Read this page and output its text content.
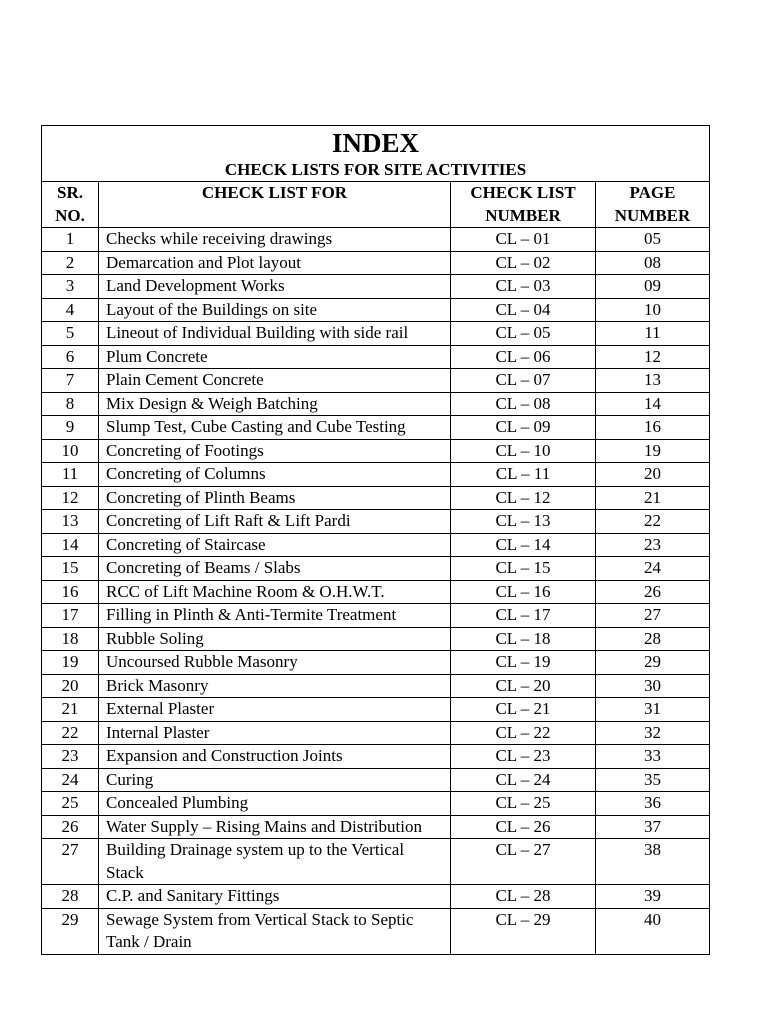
INDEX
CHECK LISTS FOR SITE ACTIVITIES			

SR. NO.	CHECK LIST FOR	CHECK LIST NUMBER	PAGE NUMBER
1	Checks while receiving drawings	CL – 01	05
2	Demarcation and Plot layout	CL – 02	08
3	Land Development Works	CL – 03	09
4	Layout of the Buildings on site	CL – 04	10
5	Lineout of Individual Building with side rail	CL – 05	11
6	Plum Concrete	CL – 06	12
7	Plain Cement Concrete	CL – 07	13
8	Mix Design & Weigh Batching	CL – 08	14
9	Slump Test, Cube Casting and Cube Testing	CL – 09	16
10	Concreting of Footings	CL – 10	19
11	Concreting of Columns	CL – 11	20
12	Concreting of Plinth Beams	CL – 12	21
13	Concreting of Lift Raft & Lift Pardi	CL – 13	22
14	Concreting of Staircase	CL – 14	23
15	Concreting of Beams / Slabs	CL – 15	24
16	RCC of Lift Machine Room & O.H.W.T.	CL – 16	26
17	Filling in Plinth & Anti-Termite Treatment	CL – 17	27
18	Rubble Soling	CL – 18	28
19	Uncoursed Rubble Masonry	CL – 19	29
20	Brick Masonry	CL – 20	30
21	External Plaster	CL – 21	31
22	Internal Plaster	CL – 22	32
23	Expansion and Construction Joints	CL – 23	33
24	Curing	CL – 24	35
25	Concealed Plumbing	CL – 25	36
26	Water Supply – Rising Mains and Distribution	CL – 26	37
27	Building Drainage system up to the Vertical Stack	CL – 27	38
28	C.P. and Sanitary Fittings	CL – 28	39
29	Sewage System from Vertical Stack to Septic Tank / Drain	CL – 29	40
